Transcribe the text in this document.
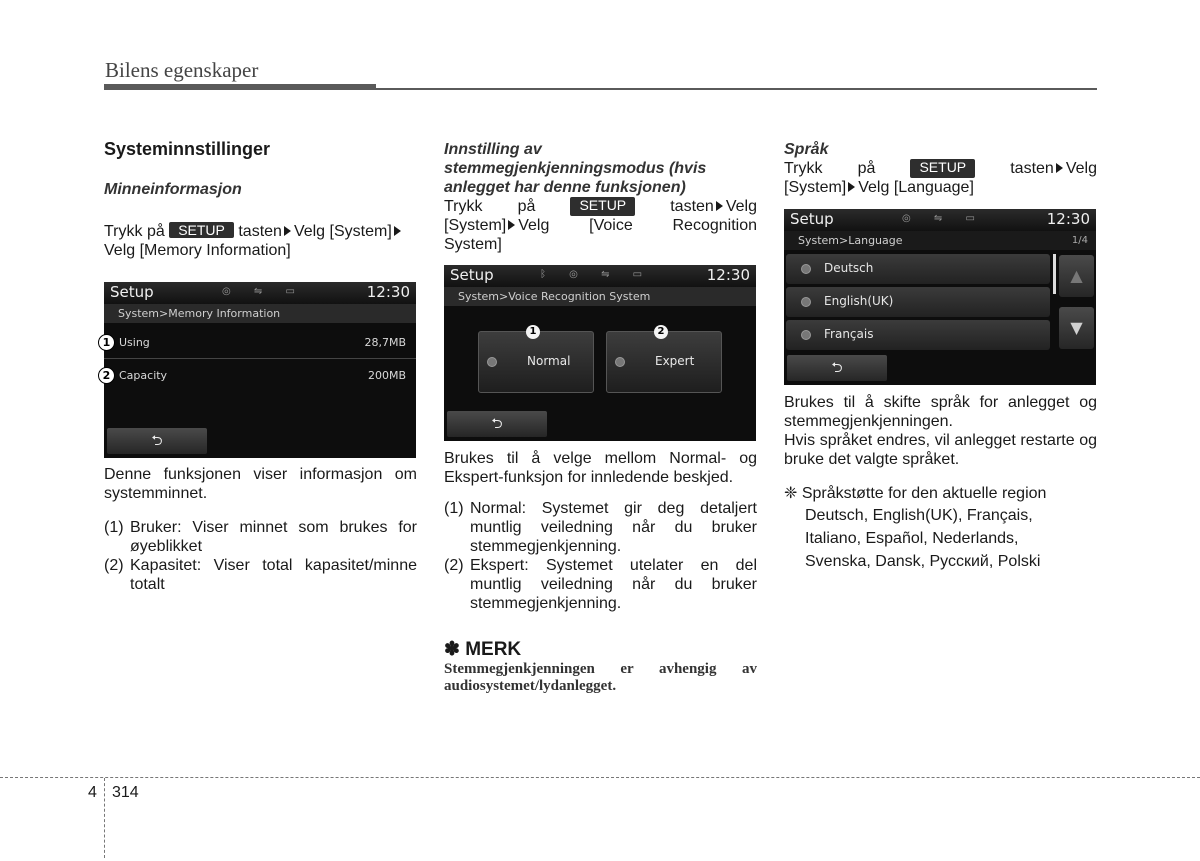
Bilens egenskaper
Systeminnstillinger
Minneinformasjon
Trykk på SETUP tasten Velg [System]
Velg [Memory Information]
Setup	◎ ⇋ ▭	12:30
System>Memory Information
1 Using	28,7MB
2 Capacity	200MB
⮌
Denne funksjonen viser informasjon om systemminnet.
(1) Bruker: Viser minnet som brukes for øyeblikket
(2) Kapasitet: Viser total kapasitet/minne totalt
Innstilling av stemmegjenkjenningsmodus (hvis anlegget har denne funksjonen)
Trykk på	SETUP	tasten Velg
[System] Velg [Voice Recognition
System]
Setup	ᛒ ◎ ⇋ ▭	12:30
System>Voice Recognition System
1
Normal
2
Expert
⮌
Brukes til å velge mellom Normal- og Ekspert-funksjon for innledende beskjed.
(1) Normal: Systemet gir deg detaljert muntlig veiledning når du bruker stemmegjenkjenning.
(2) Ekspert: Systemet utelater en del muntlig veiledning når du bruker stemmegjenkjenning.
✽ MERK
Stemmegjenkjenningen er avhengig av audiosystemet/lydanlegget.
Språk
Trykk på	SETUP	tasten Velg
[System] Velg [Language]
Setup	◎ ⇋ ▭	12:30
System>Language	1/4
Deutsch
English(UK)
Français
▲
▼
⮌
Brukes til å skifte språk for anlegget og stemmegjenkjenningen.
Hvis språket endres, vil anlegget restarte og bruke det valgte språket.
❈ Språkstøtte for den aktuelle region
Deutsch, English(UK), Français,
Italiano, Español, Nederlands,
Svenska, Dansk, Русский, Polski
4 314
